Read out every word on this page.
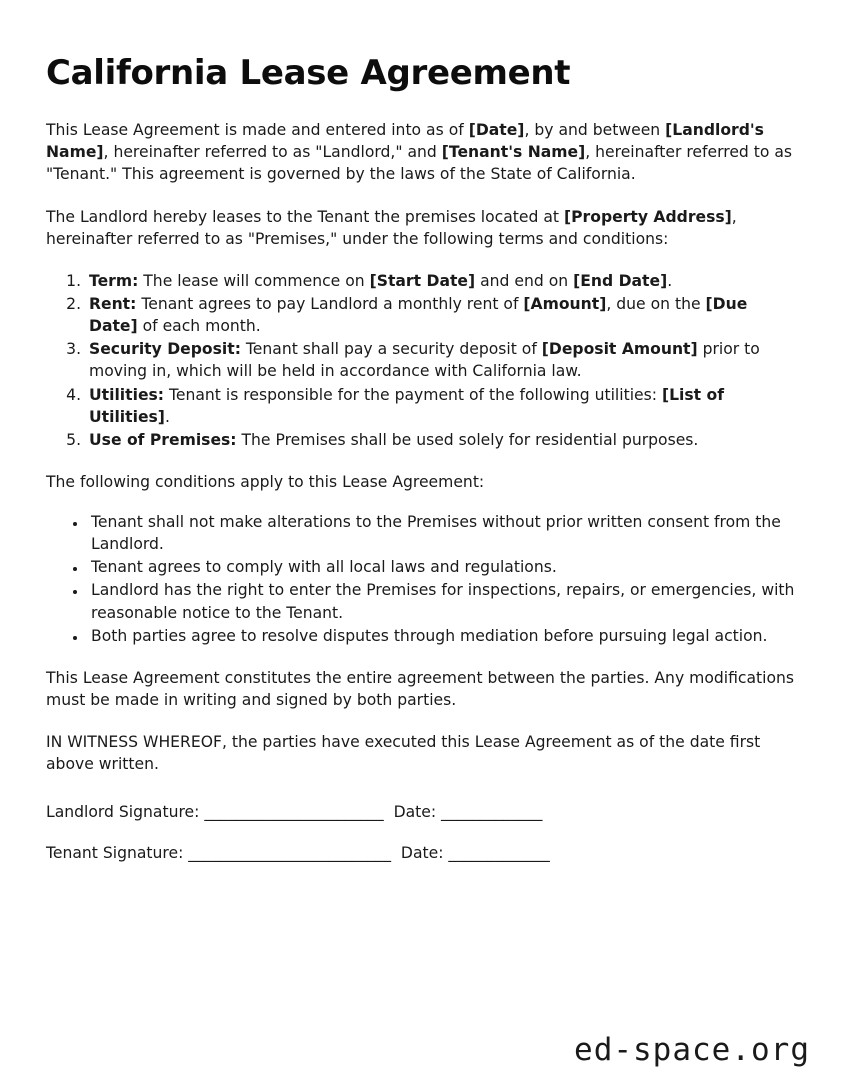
California Lease Agreement

This Lease Agreement is made and entered into as of [Date], by and between [Landlord's Name], hereinafter referred to as "Landlord," and [Tenant's Name], hereinafter referred to as "Tenant." This agreement is governed by the laws of the State of California.

The Landlord hereby leases to the Tenant the premises located at [Property Address], hereinafter referred to as "Premises," under the following terms and conditions:

1. Term: The lease will commence on [Start Date] and end on [End Date].
2. Rent: Tenant agrees to pay Landlord a monthly rent of [Amount], due on the [Due Date] of each month.
3. Security Deposit: Tenant shall pay a security deposit of [Deposit Amount] prior to moving in, which will be held in accordance with California law.
4. Utilities: Tenant is responsible for the payment of the following utilities: [List of Utilities].
5. Use of Premises: The Premises shall be used solely for residential purposes.

The following conditions apply to this Lease Agreement:

• Tenant shall not make alterations to the Premises without prior written consent from the Landlord.
• Tenant agrees to comply with all local laws and regulations.
• Landlord has the right to enter the Premises for inspections, repairs, or emergencies, with reasonable notice to the Tenant.
• Both parties agree to resolve disputes through mediation before pursuing legal action.

This Lease Agreement constitutes the entire agreement between the parties. Any modifications must be made in writing and signed by both parties.

IN WITNESS WHEREOF, the parties have executed this Lease Agreement as of the date first above written.

Landlord Signature: _______________________  Date: _____________
Tenant Signature: __________________________  Date: _____________
ed-space.org
